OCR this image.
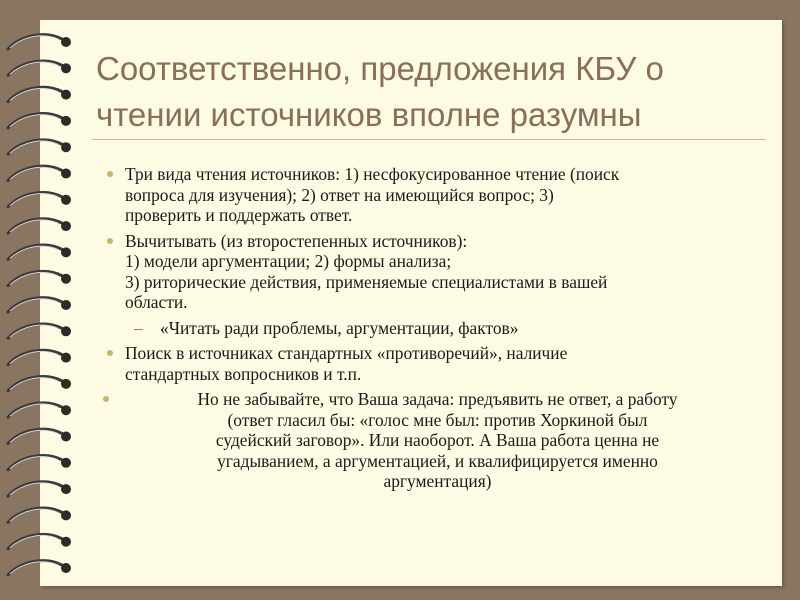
Соответственно, предложения КБУ о
чтении источников вполне разумны
Три вида чтения источников: 1) несфокусированное чтение (поиск
вопроса для изучения); 2) ответ на имеющийся вопрос; 3)
проверить и поддержать ответ.
Вычитывать (из второстепенных источников):
1) модели аргументации; 2) формы анализа;
3) риторические действия, применяемые специалистами в вашей
области.
– «Читать ради проблемы, аргументации, фактов»
Поиск в источниках стандартных «противоречий», наличие
стандартных вопросников и т.п.
Но не забывайте, что Ваша задача: предъявить не ответ, а работу
(ответ гласил бы: «голос мне был: против Хоркиной был
судейский заговор». Или наоборот. А Ваша работа ценна не
угадыванием, а аргументацией, и квалифицируется именно
аргументация)
